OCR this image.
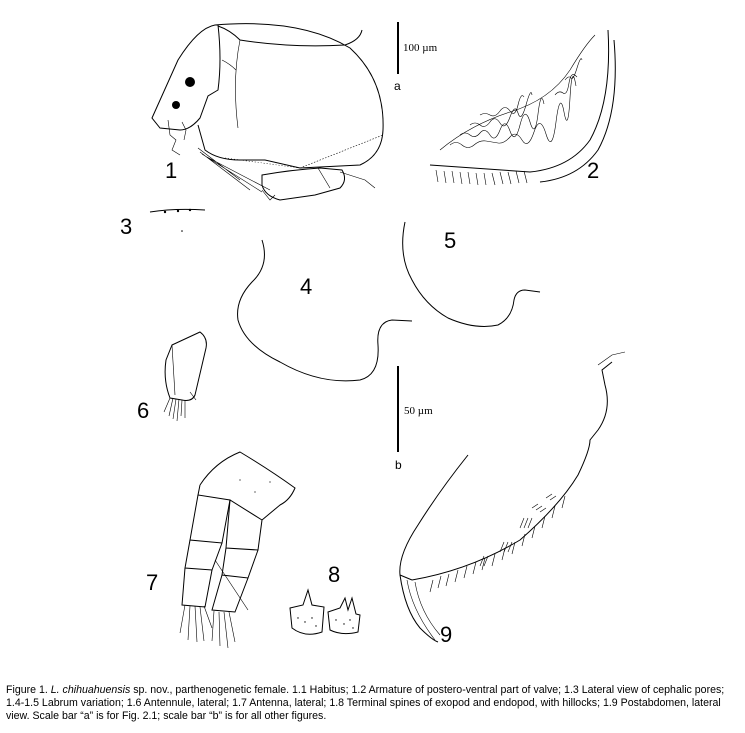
1
100 µm
a
2
3
4
5
6	50 µm
b
7	8
9

Figure 1. L. chihuahuensis sp. nov., parthenogenetic female. 1.1 Habitus; 1.2 Armature of postero-ventral part of valve; 1.3 Lateral view of cephalic pores; 1.4-1.5 Labrum variation; 1.6 Antennule, lateral; 1.7 Antenna, lateral; 1.8 Terminal spines of exopod and endopod, with hillocks; 1.9 Postabdomen, lateral view. Scale bar “a” is for Fig. 2.1; scale bar “b” is for all other figures.
